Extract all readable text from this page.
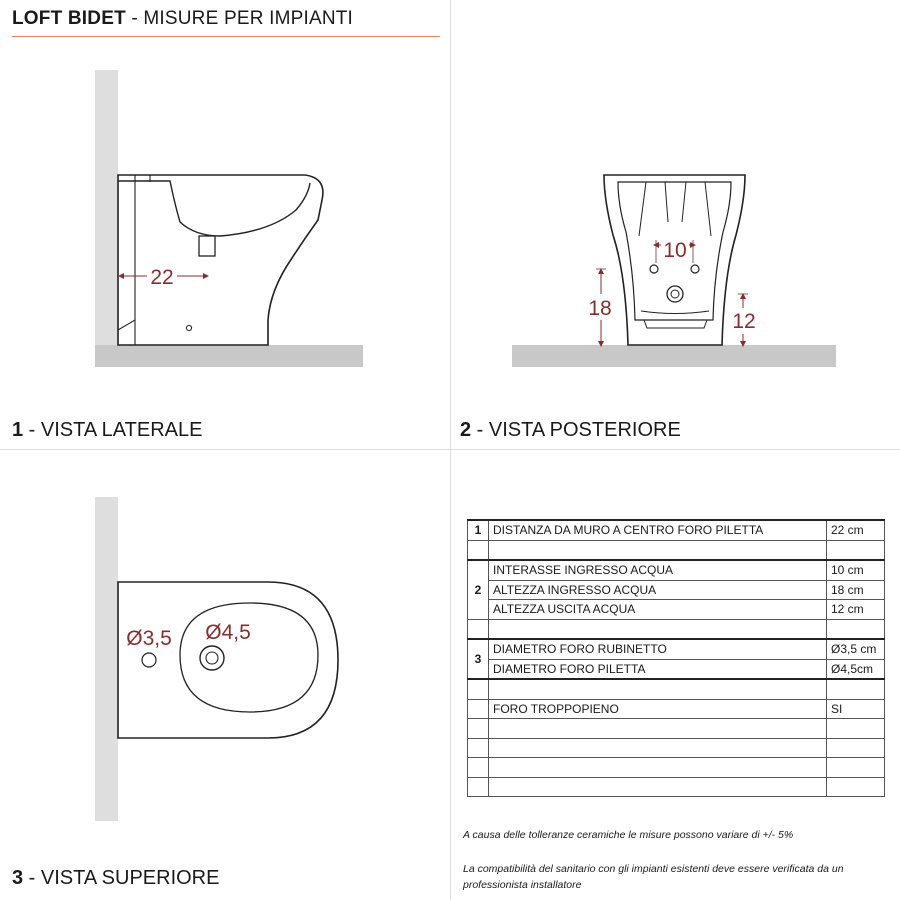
LOFT BIDET - MISURE PER IMPIANTI
22
10
18
12
Ø3,5 Ø4,5
1 - VISTA LATERALE	2 - VISTA POSTERIORE
3 - VISTA SUPERIORE
1	DISTANZA DA MURO A CENTRO FORO PILETTA	22 cm

2	INTERASSE INGRESSO ACQUA	10 cm
	ALTEZZA INGRESSO ACQUA	18 cm
	ALTEZZA USCITA ACQUA	12 cm

3	DIAMETRO FORO RUBINETTO	Ø3,5 cm
	DIAMETRO FORO PILETTA	Ø4,5cm

	FORO TROPPOPIENO	SI

A causa delle tolleranze ceramiche le misure possono variare di +/- 5%
La compatibilità del sanitario con gli impianti esistenti deve essere verificata da un professionista installatore
